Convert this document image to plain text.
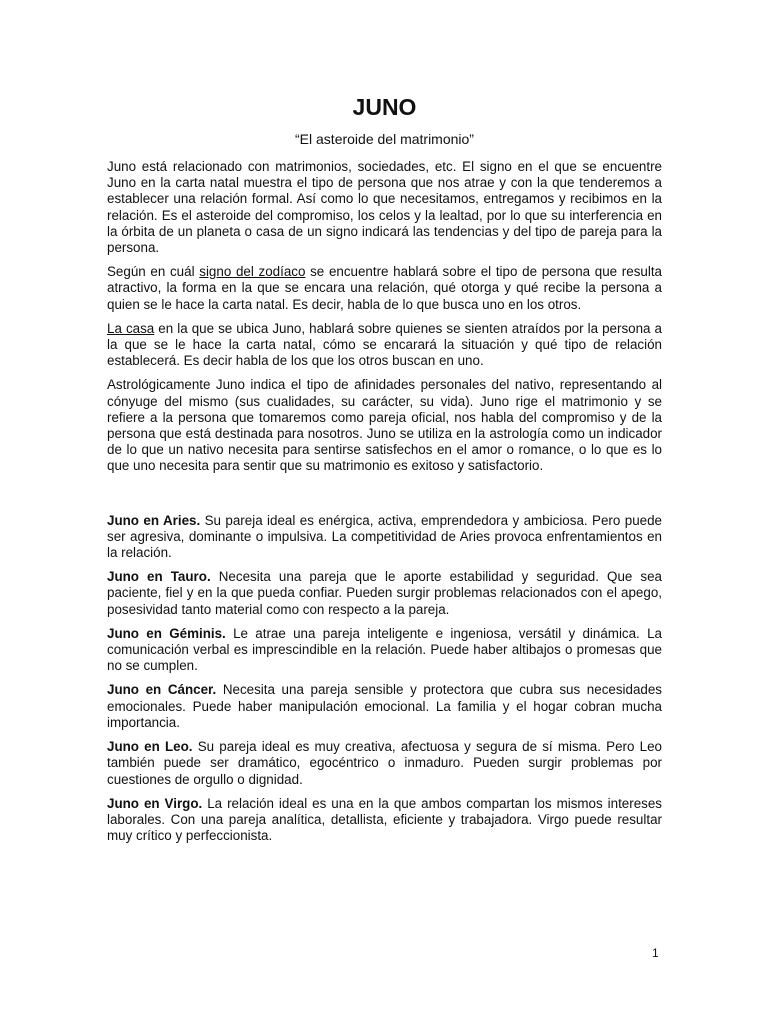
JUNO
“El asteroide del matrimonio”

Juno está relacionado con matrimonios, sociedades, etc. El signo en el que se encuentre Juno en la carta natal muestra el tipo de persona que nos atrae y con la que tenderemos a establecer una relación formal. Así como lo que necesitamos, entregamos y recibimos en la relación. Es el asteroide del compromiso, los celos y la lealtad, por lo que su interferencia en la órbita de un planeta o casa de un signo indicará las tendencias y del tipo de pareja para la persona.

Según en cuál signo del zodíaco se encuentre hablará sobre el tipo de persona que resulta atractivo, la forma en la que se encara una relación, qué otorga y qué recibe la persona a quien se le hace la carta natal. Es decir, habla de lo que busca uno en los otros.

La casa en la que se ubica Juno, hablará sobre quienes se sienten atraídos por la persona a la que se le hace la carta natal, cómo se encarará la situación y qué tipo de relación establecerá. Es decir habla de los que los otros buscan en uno.

Astrológicamente Juno indica el tipo de afinidades personales del nativo, representando al cónyuge del mismo (sus cualidades, su carácter, su vida). Juno rige el matrimonio y se refiere a la persona que tomaremos como pareja oficial, nos habla del compromiso y de la persona que está destinada para nosotros. Juno se utiliza en la astrología como un indicador de lo que un nativo necesita para sentirse satisfechos en el amor o romance, o lo que es lo que uno necesita para sentir que su matrimonio es exitoso y satisfactorio.

Juno en Aries. Su pareja ideal es enérgica, activa, emprendedora y ambiciosa. Pero puede ser agresiva, dominante o impulsiva. La competitividad de Aries provoca enfrentamientos en la relación.

Juno en Tauro. Necesita una pareja que le aporte estabilidad y seguridad. Que sea paciente, fiel y en la que pueda confiar. Pueden surgir problemas relacionados con el apego, posesividad tanto material como con respecto a la pareja.

Juno en Géminis. Le atrae una pareja inteligente e ingeniosa, versátil y dinámica. La comunicación verbal es imprescindible en la relación. Puede haber altibajos o promesas que no se cumplen.

Juno en Cáncer. Necesita una pareja sensible y protectora que cubra sus necesidades emocionales. Puede haber manipulación emocional. La familia y el hogar cobran mucha importancia.

Juno en Leo. Su pareja ideal es muy creativa, afectuosa y segura de sí misma. Pero Leo también puede ser dramático, egocéntrico o inmaduro. Pueden surgir problemas por cuestiones de orgullo o dignidad.

Juno en Virgo. La relación ideal es una en la que ambos compartan los mismos intereses laborales. Con una pareja analítica, detallista, eficiente y trabajadora. Virgo puede resultar muy crítico y perfeccionista.

1
